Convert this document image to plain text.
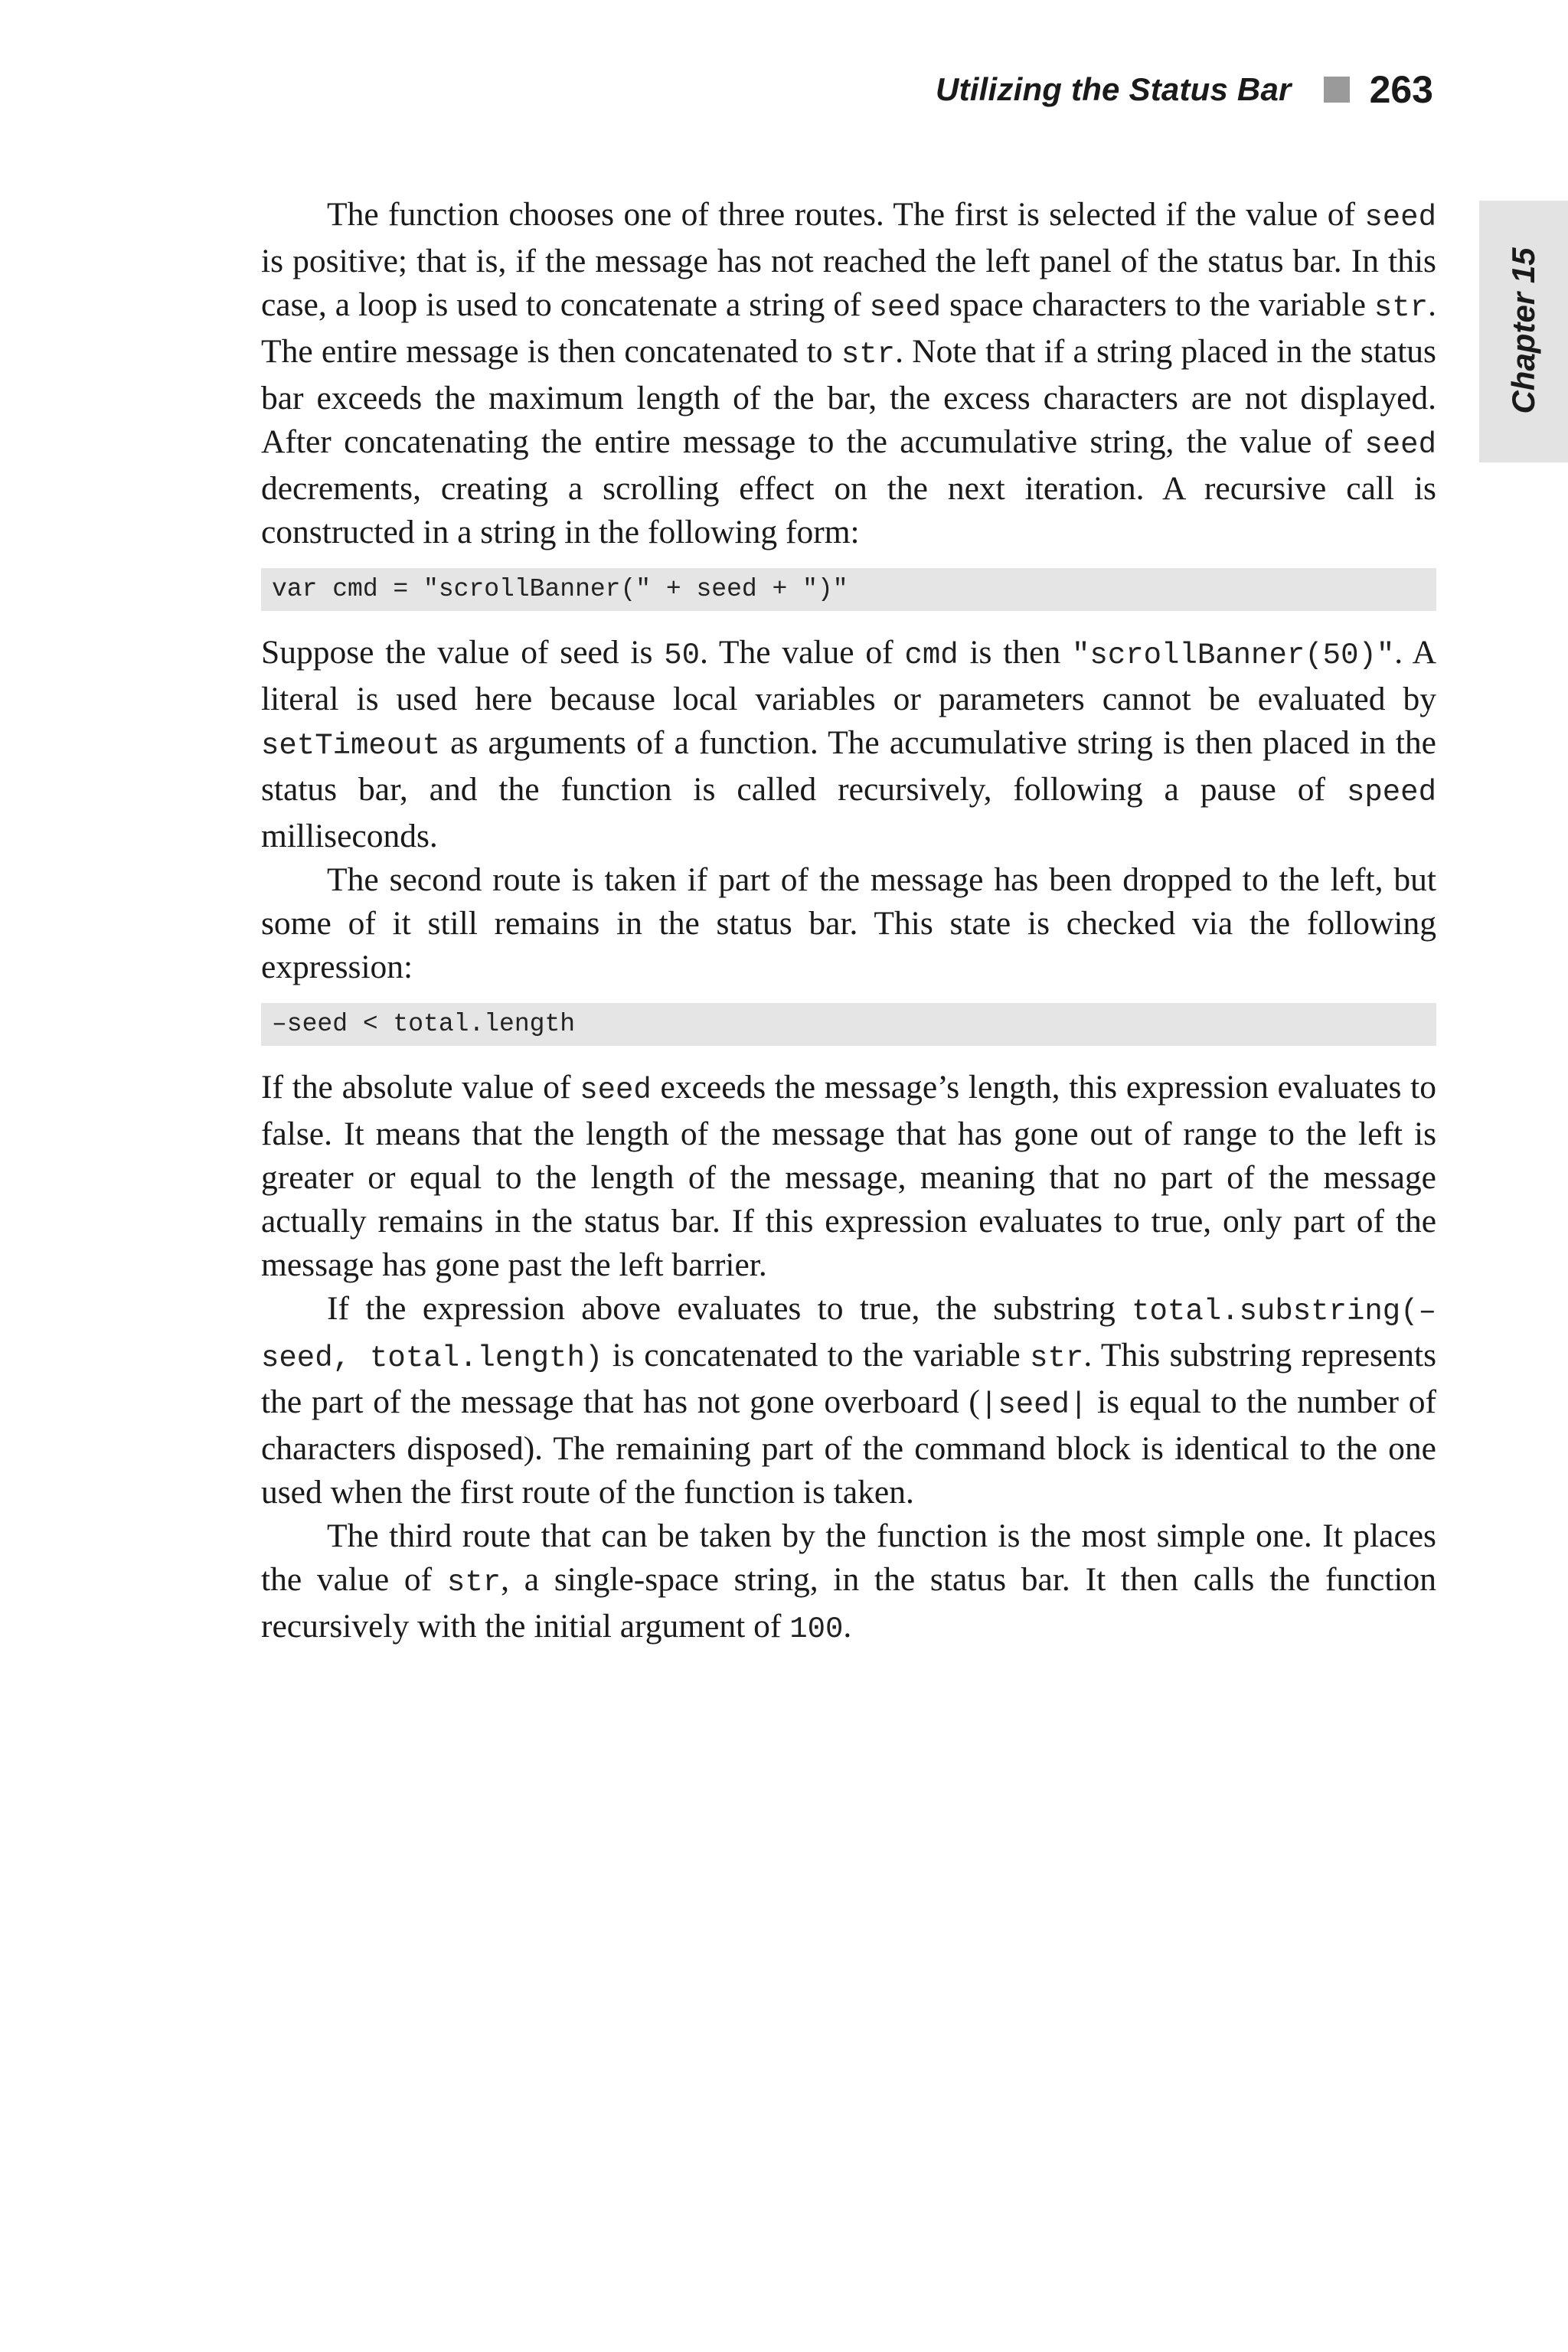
Utilizing the Status Bar 263
Chapter 15

The function chooses one of three routes. The first is selected if the value of seed is positive; that is, if the message has not reached the left panel of the status bar. In this case, a loop is used to concatenate a string of seed space characters to the variable str. The entire message is then concatenated to str. Note that if a string placed in the status bar exceeds the maximum length of the bar, the excess characters are not displayed. After concatenating the entire message to the accumulative string, the value of seed decrements, creating a scrolling effect on the next iteration. A recursive call is constructed in a string in the following form:

var cmd = "scrollBanner(" + seed + ")"

Suppose the value of seed is 50. The value of cmd is then "scrollBanner(50)". A literal is used here because local variables or parameters cannot be evaluated by setTimeout as arguments of a function. The accumulative string is then placed in the status bar, and the function is called recursively, following a pause of speed milliseconds.

The second route is taken if part of the message has been dropped to the left, but some of it still remains in the status bar. This state is checked via the following expression:

–seed < total.length

If the absolute value of seed exceeds the message’s length, this expression evaluates to false. It means that the length of the message that has gone out of range to the left is greater or equal to the length of the message, meaning that no part of the message actually remains in the status bar. If this expression evaluates to true, only part of the message has gone past the left barrier.

If the expression above evaluates to true, the substring total.substring(–seed, total.length) is concatenated to the variable str. This substring represents the part of the message that has not gone overboard (|seed| is equal to the number of characters disposed). The remaining part of the command block is identical to the one used when the first route of the function is taken.

The third route that can be taken by the function is the most simple one. It places the value of str, a single-space string, in the status bar. It then calls the function recursively with the initial argument of 100.
